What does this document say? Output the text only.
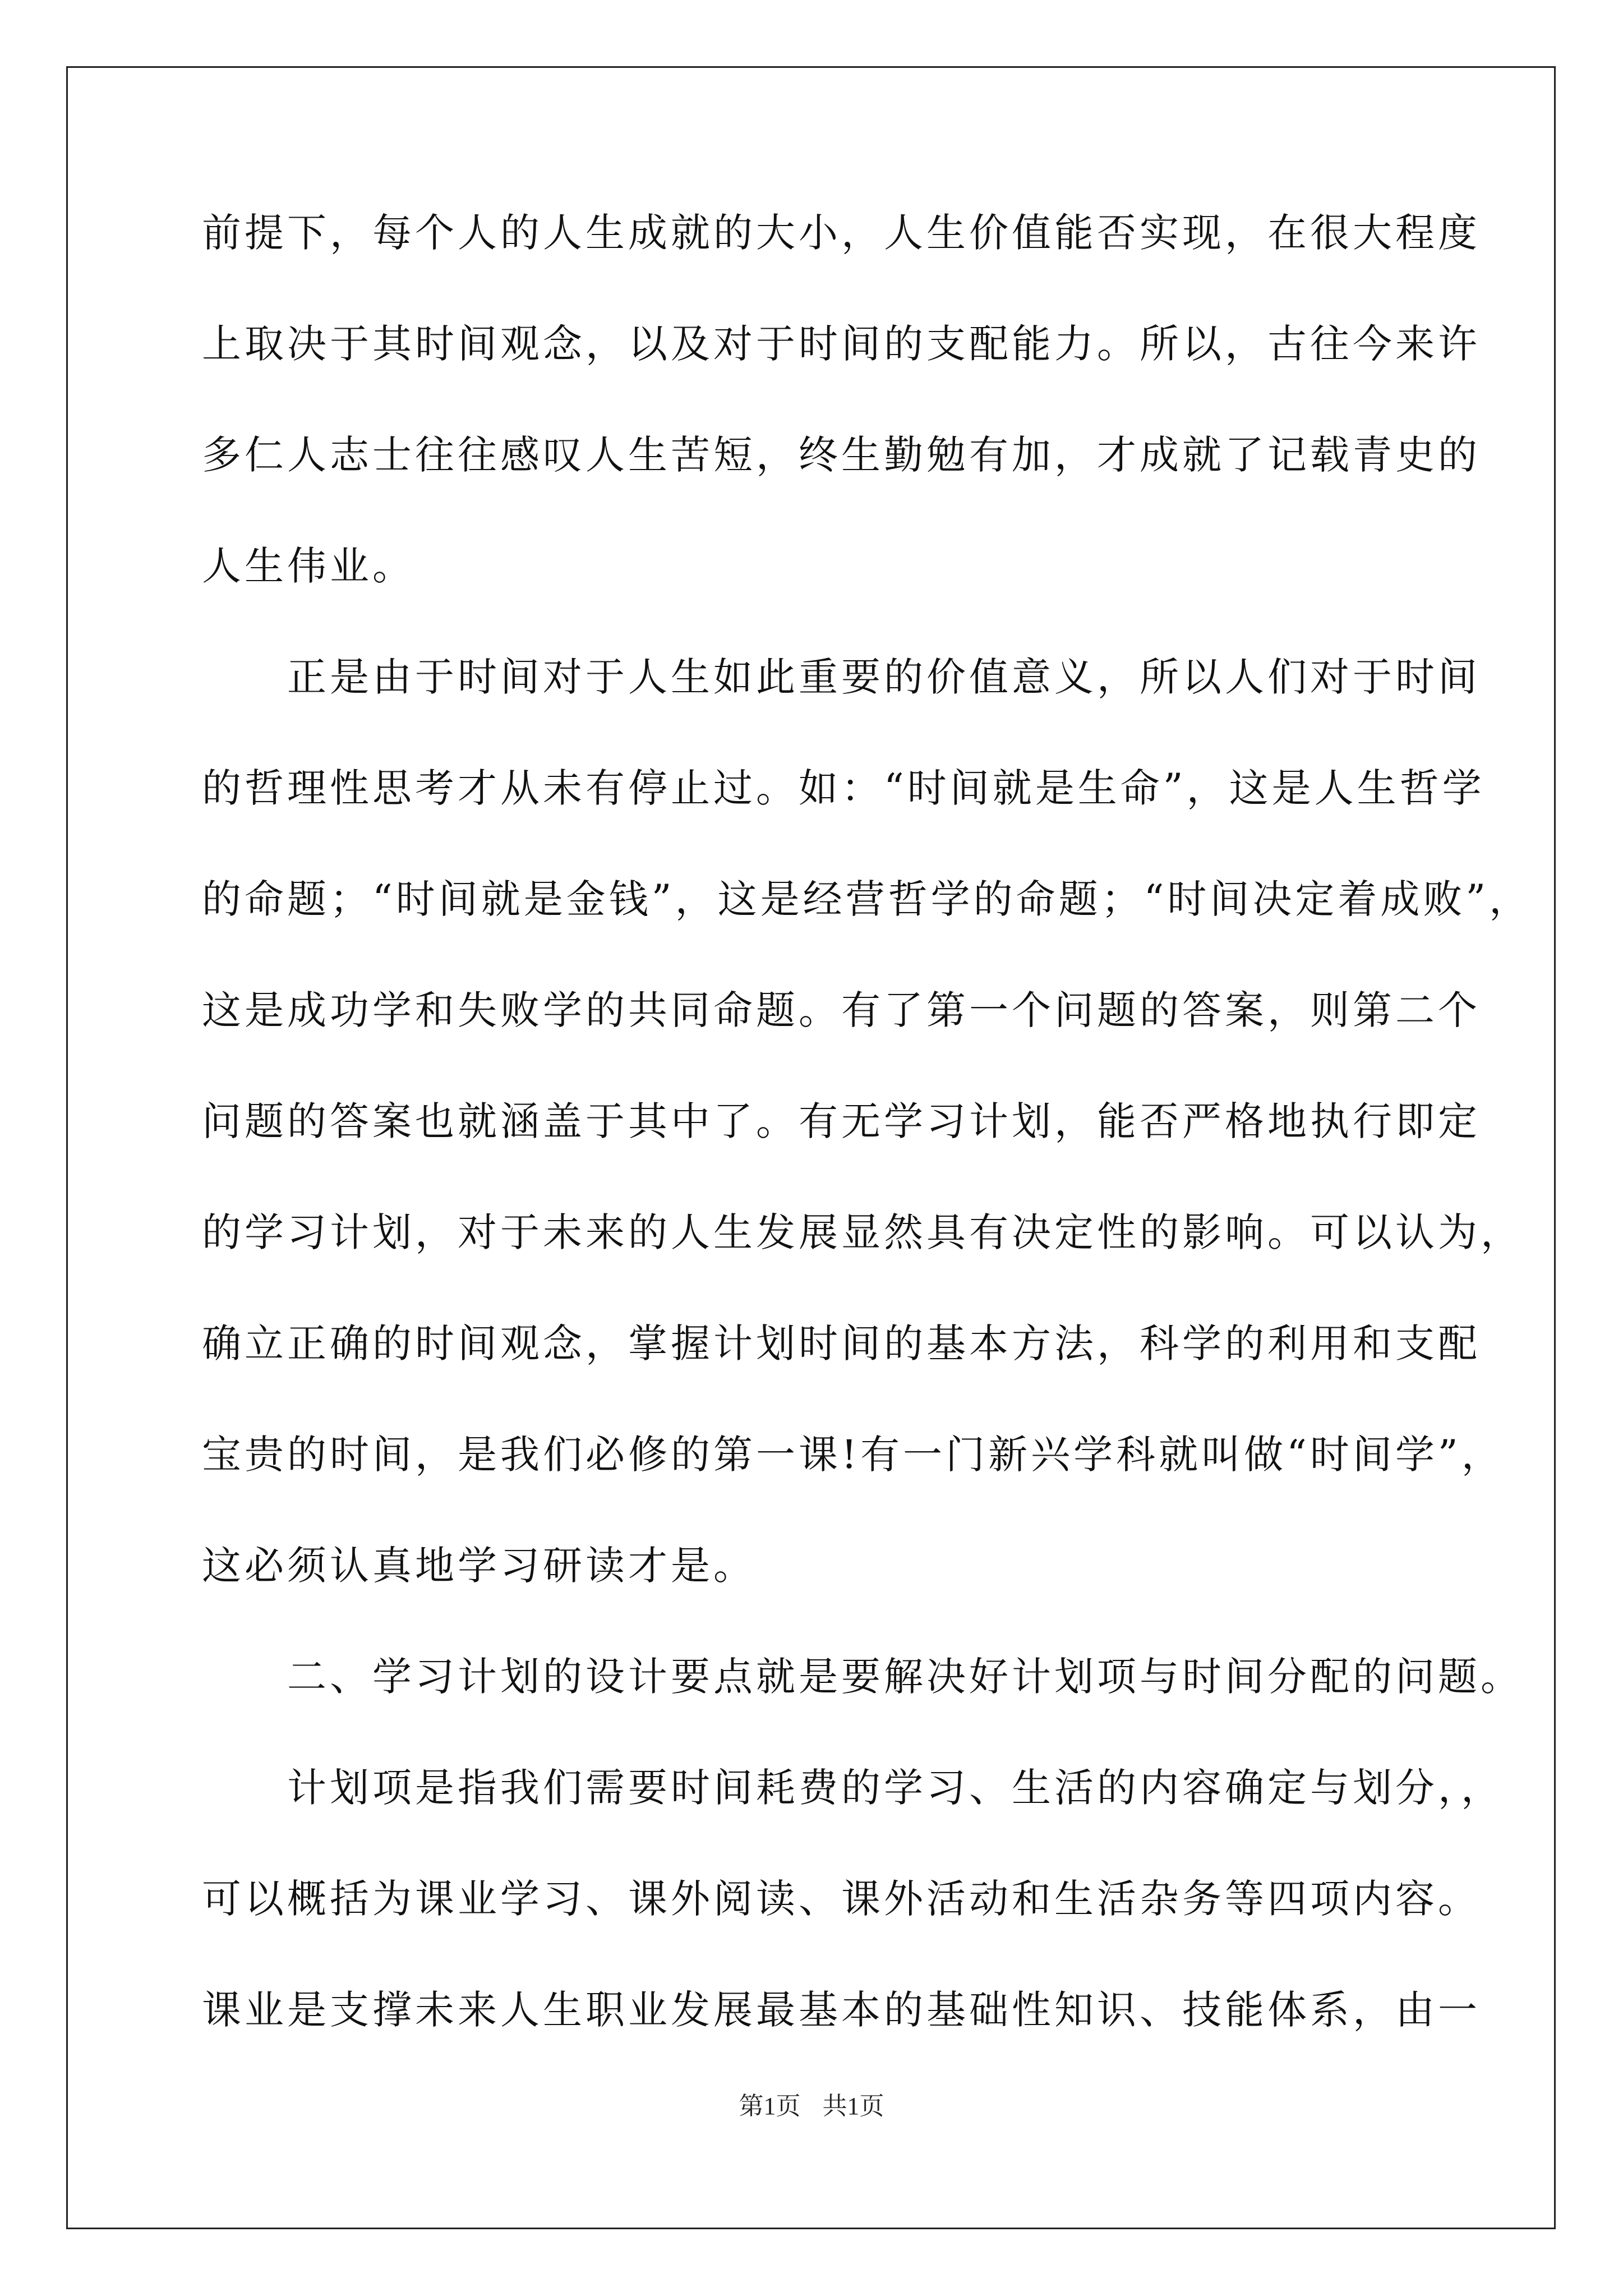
前提下，每个人的人生成就的大小，人生价值能否实现，在很大程度
上取决于其时间观念，以及对于时间的支配能力。所以，古往今来许
多仁人志士往往感叹人生苦短，终生勤勉有加，才成就了记载青史的
人生伟业。
　　正是由于时间对于人生如此重要的价值意义，所以人们对于时间
的哲理性思考才从未有停止过。如：“时间就是生命”，这是人生哲学
的命题；“时间就是金钱”，这是经营哲学的命题；“时间决定着成败”，
这是成功学和失败学的共同命题。有了第一个问题的答案，则第二个
问题的答案也就涵盖于其中了。有无学习计划，能否严格地执行即定
的学习计划，对于未来的人生发展显然具有决定性的影响。可以认为，
确立正确的时间观念，掌握计划时间的基本方法，科学的利用和支配
宝贵的时间，是我们必修的第一课!有一门新兴学科就叫做“时间学”，
这必须认真地学习研读才是。
　　二、学习计划的设计要点就是要解决好计划项与时间分配的问题。
　　计划项是指我们需要时间耗费的学习、生活的内容确定与划分，，
可以概括为课业学习、课外阅读、课外活动和生活杂务等四项内容。
课业是支撑未来人生职业发展最基本的基础性知识、技能体系，由一
第1页 共1页
